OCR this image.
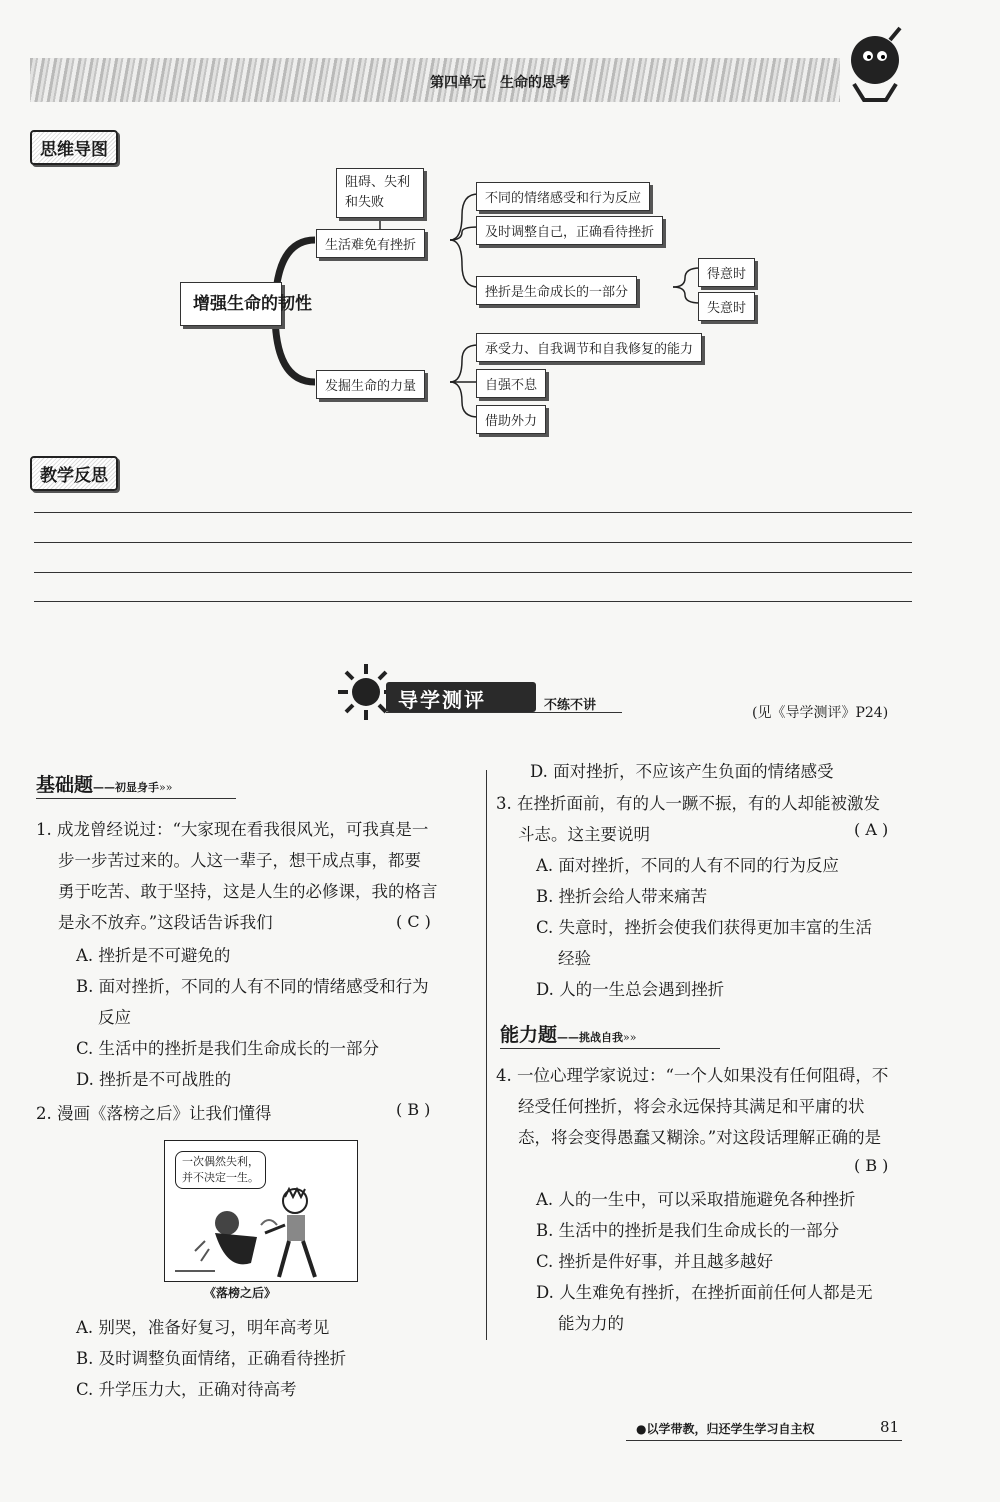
第四单元　生命的思考
思维导图
增强生命的韧性
阻碍、失利和失败
生活难免有挫折
不同的情绪感受和行为反应
及时调整自己，正确看待挫折
挫折是生命成长的一部分
得意时
失意时
发掘生命的力量
承受力、自我调节和自我修复的能力
自强不息
借助外力
教学反思
导学测评	不练不讲	(见《导学测评》P24)
基础题——初显身手»»
1. 成龙曾经说过：“大家现在看我很风光，可我真是一
步一步苦过来的。人这一辈子，想干成点事，都要
勇于吃苦、敢于坚持，这是人生的必修课，我的格言
是永不放弃。”这段话告诉我们	( C )
A. 挫折是不可避免的
B. 面对挫折，不同的人有不同的情绪感受和行为
反应
C. 生活中的挫折是我们生命成长的一部分
D. 挫折是不可战胜的
2. 漫画《落榜之后》让我们懂得	( B )
一次偶然失利，
并不决定一生。
《落榜之后》
A. 别哭，准备好复习，明年高考见
B. 及时调整负面情绪，正确看待挫折
C. 升学压力大，正确对待高考
D. 面对挫折，不应该产生负面的情绪感受
3. 在挫折面前，有的人一蹶不振，有的人却能被激发
斗志。这主要说明	( A )
A. 面对挫折，不同的人有不同的行为反应
B. 挫折会给人带来痛苦
C. 失意时，挫折会使我们获得更加丰富的生活
经验
D. 人的一生总会遇到挫折
能力题——挑战自我»»
4. 一位心理学家说过：“一个人如果没有任何阻碍，不
经受任何挫折，将会永远保持其满足和平庸的状
态，将会变得愚蠢又糊涂。”对这段话理解正确的是
( B )
A. 人的一生中，可以采取措施避免各种挫折
B. 生活中的挫折是我们生命成长的一部分
C. 挫折是件好事，并且越多越好
D. 人生难免有挫折，在挫折面前任何人都是无
能为力的
●以学带教，归还学生学习自主权	81
